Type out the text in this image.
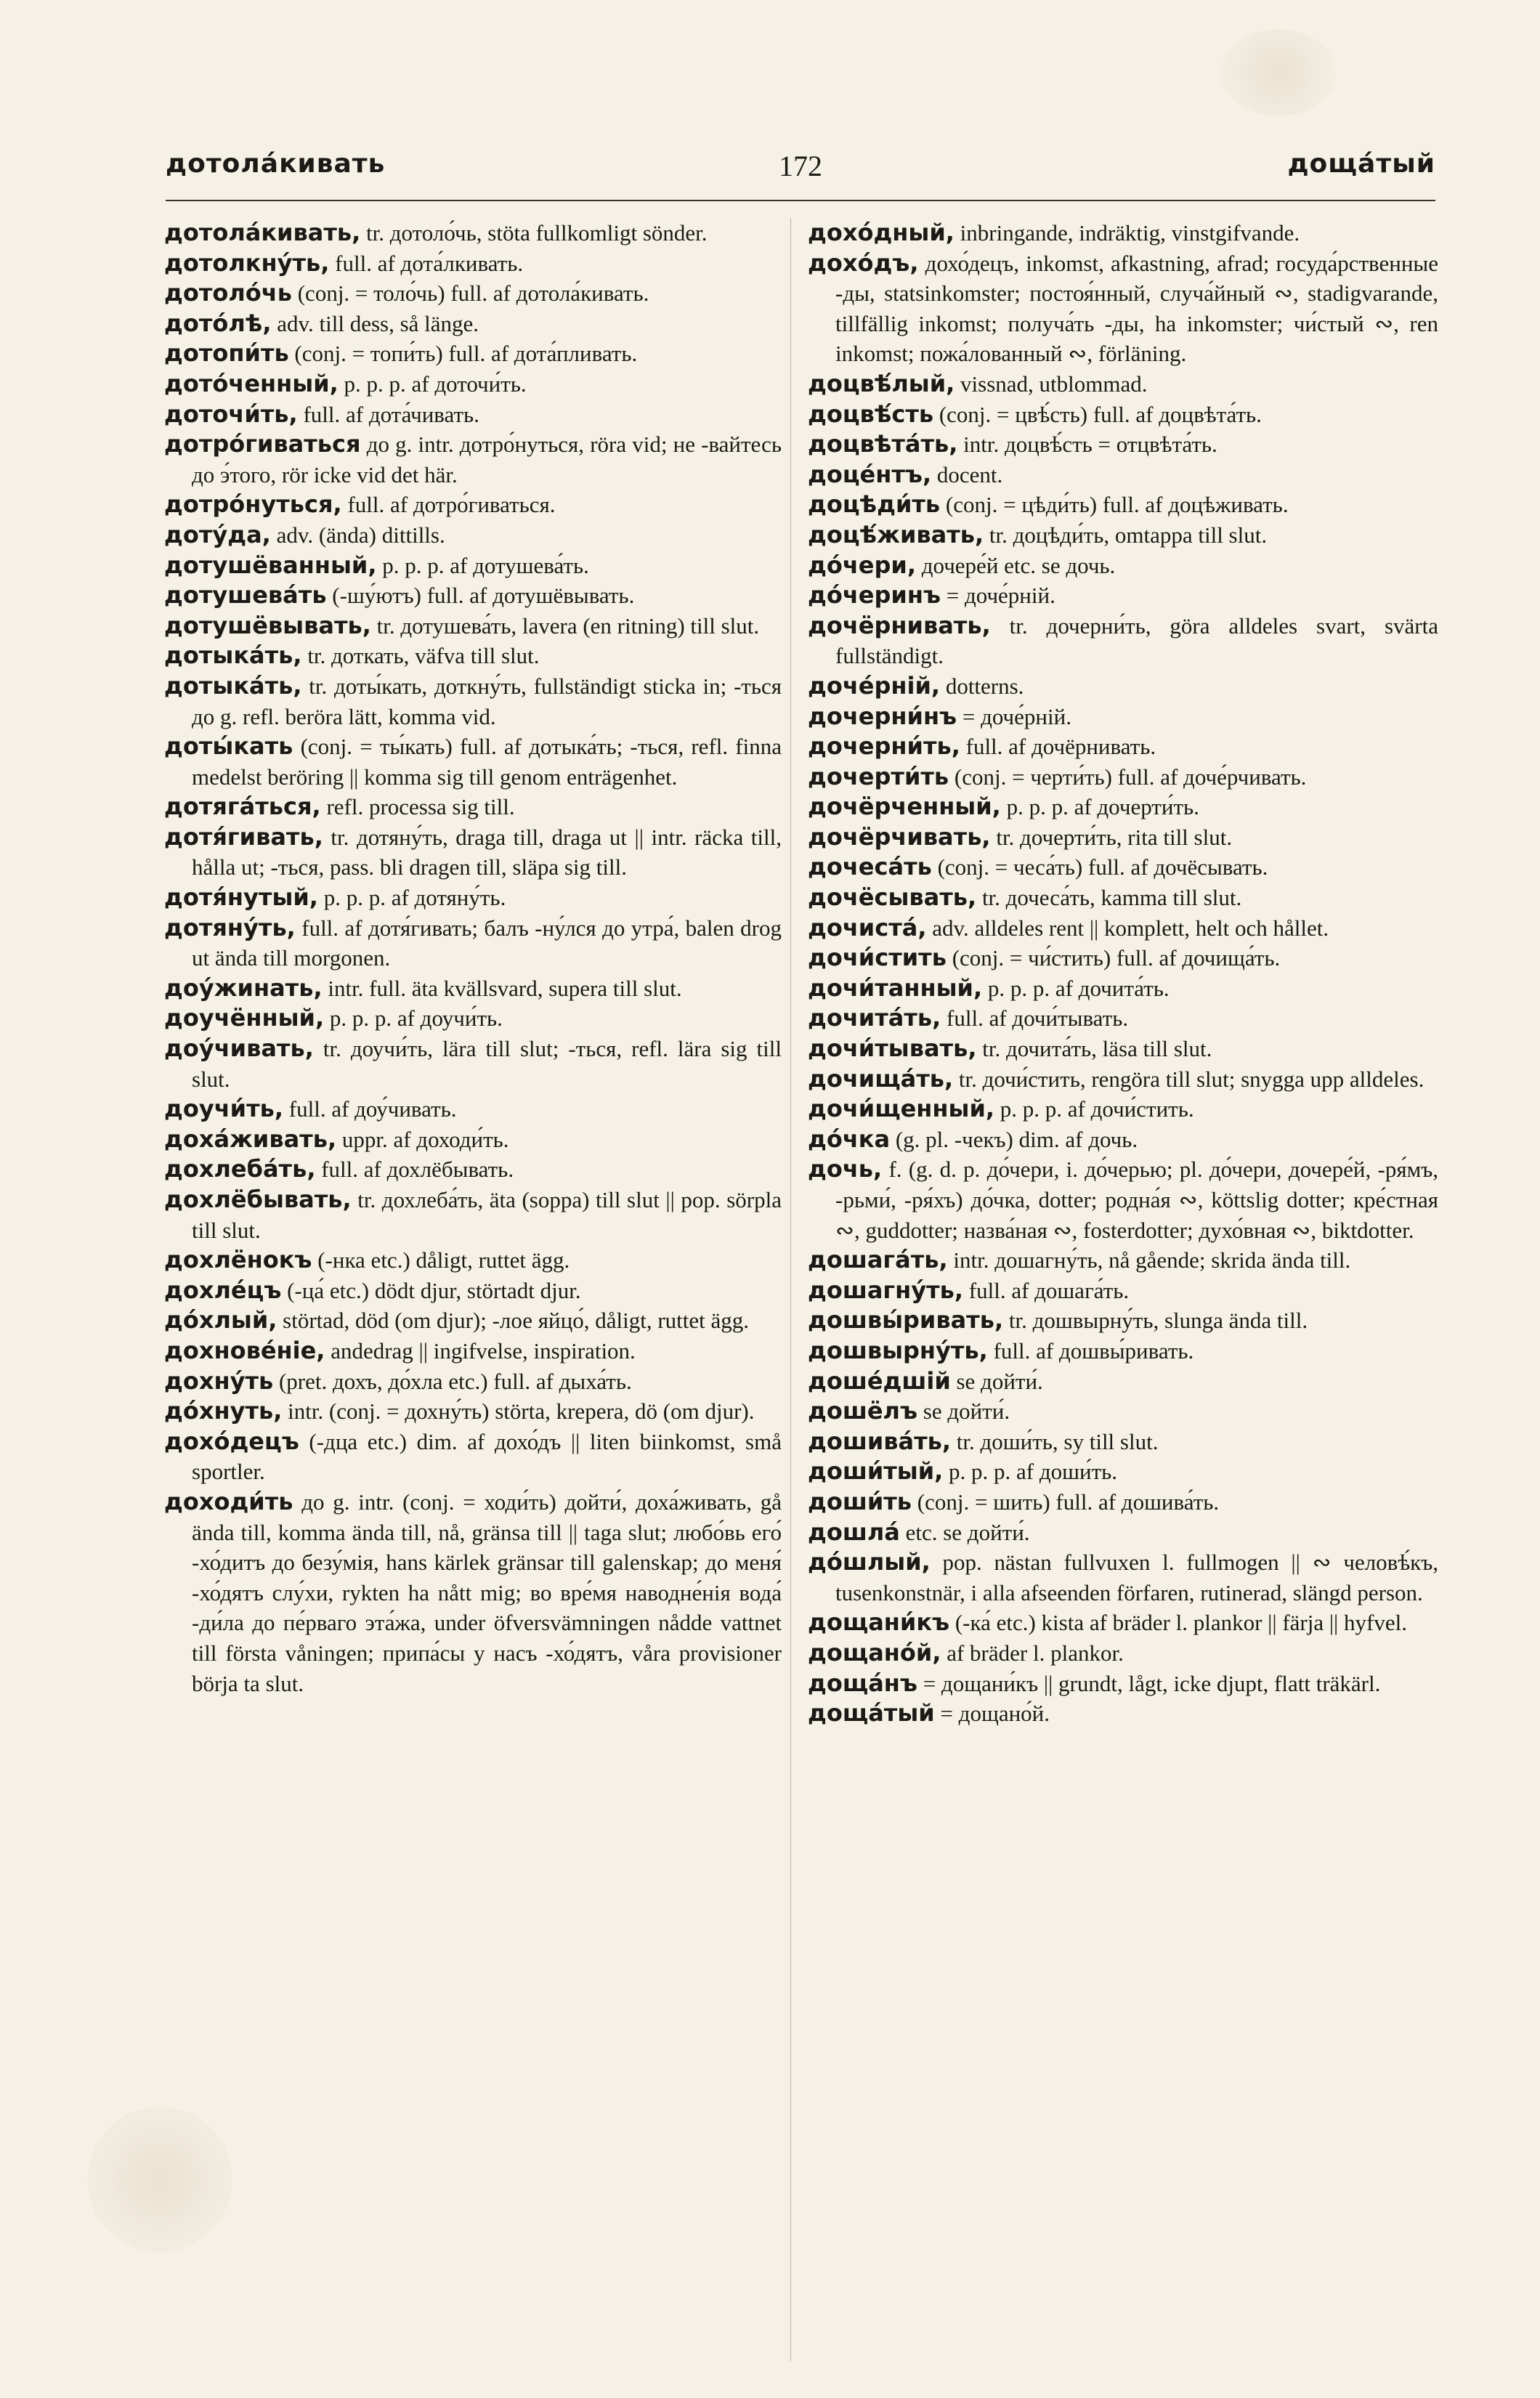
дотола́кивать	172	доща́тый

дотола́кивать, tr. дотоло́чь, stöta fullkomligt sönder.

дотолкну́ть, full. af дота́лкивать.

дотоло́чь (conj. = толо́чь) full. af дотола́кивать.

дото́лѣ, adv. till dess, så länge.

дотопи́ть (conj. = топи́ть) full. af дота́пливать.

дото́ченный, p. p. p. af доточи́ть.

доточи́ть, full. af дота́чивать.

дотро́гиваться до g. intr. дотро́нуться, röra vid; не -вайтесь до э́того, rör icke vid det här.

дотро́нуться, full. af дотро́гиваться.

доту́да, adv. (ända) dittills.

дотушёванный, p. p. p. af дотушева́ть.

дотушева́ть (-шу́ютъ) full. af дотушёвывать.

дотушёвывать, tr. дотушева́ть, lavera (en ritning) till slut.

дотыка́ть, tr. доткать, väfva till slut.

дотыка́ть, tr. доты́кать, доткну́ть, fullständigt sticka in; -ться до g. refl. beröra lätt, komma vid.

доты́кать (conj. = ты́кать) full. af дотыка́ть; -ться, refl. finna medelst beröring || komma sig till genom enträgenhet.

дотяга́ться, refl. processa sig till.

дотя́гивать, tr. дотяну́ть, draga till, draga ut || intr. räcka till, hålla ut; -ться, pass. bli dragen till, släpa sig till.

дотя́нутый, p. p. p. af дотяну́ть.

дотяну́ть, full. af дотя́гивать; балъ -ну́лся до утра́, balen drog ut ända till morgonen.

доу́жинать, intr. full. äta kvällsvard, supera till slut.

доучённый, p. p. p. af доучи́ть.

доу́чивать, tr. доучи́ть, lära till slut; -ться, refl. lära sig till slut.

доучи́ть, full. af доу́чивать.

доха́живать, uppr. af доходи́ть.

дохлеба́ть, full. af дохлёбывать.

дохлёбывать, tr. дохлеба́ть, äta (soppa) till slut || pop. sörpla till slut.

дохлёнокъ (-нка etc.) dåligt, ruttet ägg.

дохле́цъ (-ца́ etc.) dödt djur, störtadt djur.

до́хлый, störtad, död (om djur); -лое яйцо́, dåligt, ruttet ägg.

дохнове́ніе, andedrag || ingifvelse, inspiration.

дохну́ть (pret. дохъ, до́хла etc.) full. af дыха́ть.

до́хнуть, intr. (conj. = дохну́ть) störta, krepera, dö (om djur).

дохо́децъ (-дца etc.) dim. af дохо́дъ || liten biinkomst, små sportler.

доходи́ть до g. intr. (conj. = ходи́ть) дойти́, доха́живать, gå ända till, komma ända till, nå, gränsa till || taga slut; любо́вь его́ -хо́дитъ до безу́мія, hans kärlek gränsar till galenskap; до меня́ -хо́дятъ слу́хи, rykten ha nått mig; во вре́мя наводне́нія вода́ -ди́ла до пе́рваго эта́жа, under öfversvämningen nådde vattnet till första våningen; припа́сы у насъ -хо́дятъ, våra provisioner börja ta slut.

дохо́дный, inbringande, indräktig, vinstgifvande.

дохо́дъ, дохо́децъ, inkomst, afkastning, afrad; госуда́рственные -ды, statsinkomster; постоя́нный, случа́йный ∾, stadigvarande, tillfällig inkomst; получа́ть -ды, ha inkomster; чи́стый ∾, ren inkomst; пожа́лованный ∾, förläning.

доцвѣ́лый, vissnad, utblommad.

доцвѣ́сть (conj. = цвѣ́сть) full. af доцвѣта́ть.

доцвѣта́ть, intr. доцвѣ́сть = отцвѣта́ть.

доце́нтъ, docent.

доцѣди́ть (conj. = цѣди́ть) full. af доцѣживать.

доцѣ́живать, tr. доцѣди́ть, omtappa till slut.

до́чери, дочере́й etc. se дочь.

до́черинъ = доче́рній.

дочёрнивать, tr. дочерни́ть, göra alldeles svart, svärta fullständigt.

доче́рній, dotterns.

дочерни́нъ = доче́рній.

дочерни́ть, full. af дочёрнивать.

дочерти́ть (conj. = черти́ть) full. af доче́рчивать.

дочёрченный, p. p. p. af дочерти́ть.

дочёрчивать, tr. дочерти́ть, rita till slut.

дочеса́ть (conj. = чеса́ть) full. af дочёсывать.

дочёсывать, tr. дочеса́ть, kamma till slut.

дочиста́, adv. alldeles rent || komplett, helt och hållet.

дочи́стить (conj. = чи́стить) full. af дочища́ть.

дочи́танный, p. p. p. af дочита́ть.

дочита́ть, full. af дочи́тывать.

дочи́тывать, tr. дочита́ть, läsa till slut.

дочища́ть, tr. дочи́стить, rengöra till slut; snygga upp alldeles.

дочи́щенный, p. p. p. af дочи́стить.

до́чка (g. pl. -чекъ) dim. af дочь.

дочь, f. (g. d. p. до́чери, i. до́черью; pl. до́чери, дочере́й, -ря́мъ, -рьми́, -ря́хъ) до́чка, dotter; родна́я ∾, köttslig dotter; кре́стная ∾, guddotter; назва́ная ∾, fosterdotter; духо́вная ∾, biktdotter.

дошага́ть, intr. дошагну́ть, nå gående; skrida ända till.

дошагну́ть, full. af дошага́ть.

дошвы́ривать, tr. дошвырну́ть, slunga ända till.

дошвырну́ть, full. af дошвы́ривать.

доше́дшій se дойти́.

дошёлъ se дойти́.

дошива́ть, tr. доши́ть, sy till slut.

доши́тый, p. p. p. af доши́ть.

доши́ть (conj. = шить) full. af дошива́ть.

дошла́ etc. se дойти́.

до́шлый, pop. nästan fullvuxen l. fullmogen || ∾ человѣ́къ, tusenkonstnär, i alla afseenden förfaren, rutinerad, slängd person.

дощани́къ (-ка́ etc.) kista af bräder l. plankor || färja || hyfvel.

дощано́й, af bräder l. plankor.

доща́нъ = дощани́къ || grundt, lågt, icke djupt, flatt träkärl.

доща́тый = дощано́й.
